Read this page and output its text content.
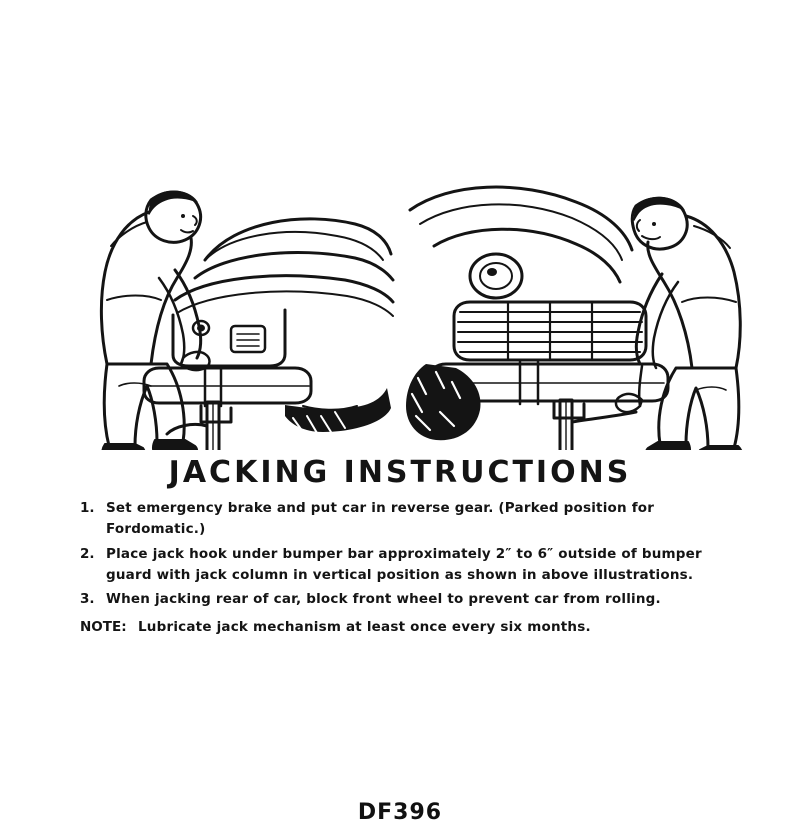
JACKING INSTRUCTIONS
1. Set emergency brake and put car in reverse gear. (Parked position for Fordomatic.)
2. Place jack hook under bumper bar approximately 2″ to 6″ outside of bumper guard with jack column in vertical position as shown in above illustrations.
3. When jacking rear of car, block front wheel to prevent car from rolling.
NOTE: Lubricate jack mechanism at least once every six months.
DF396
